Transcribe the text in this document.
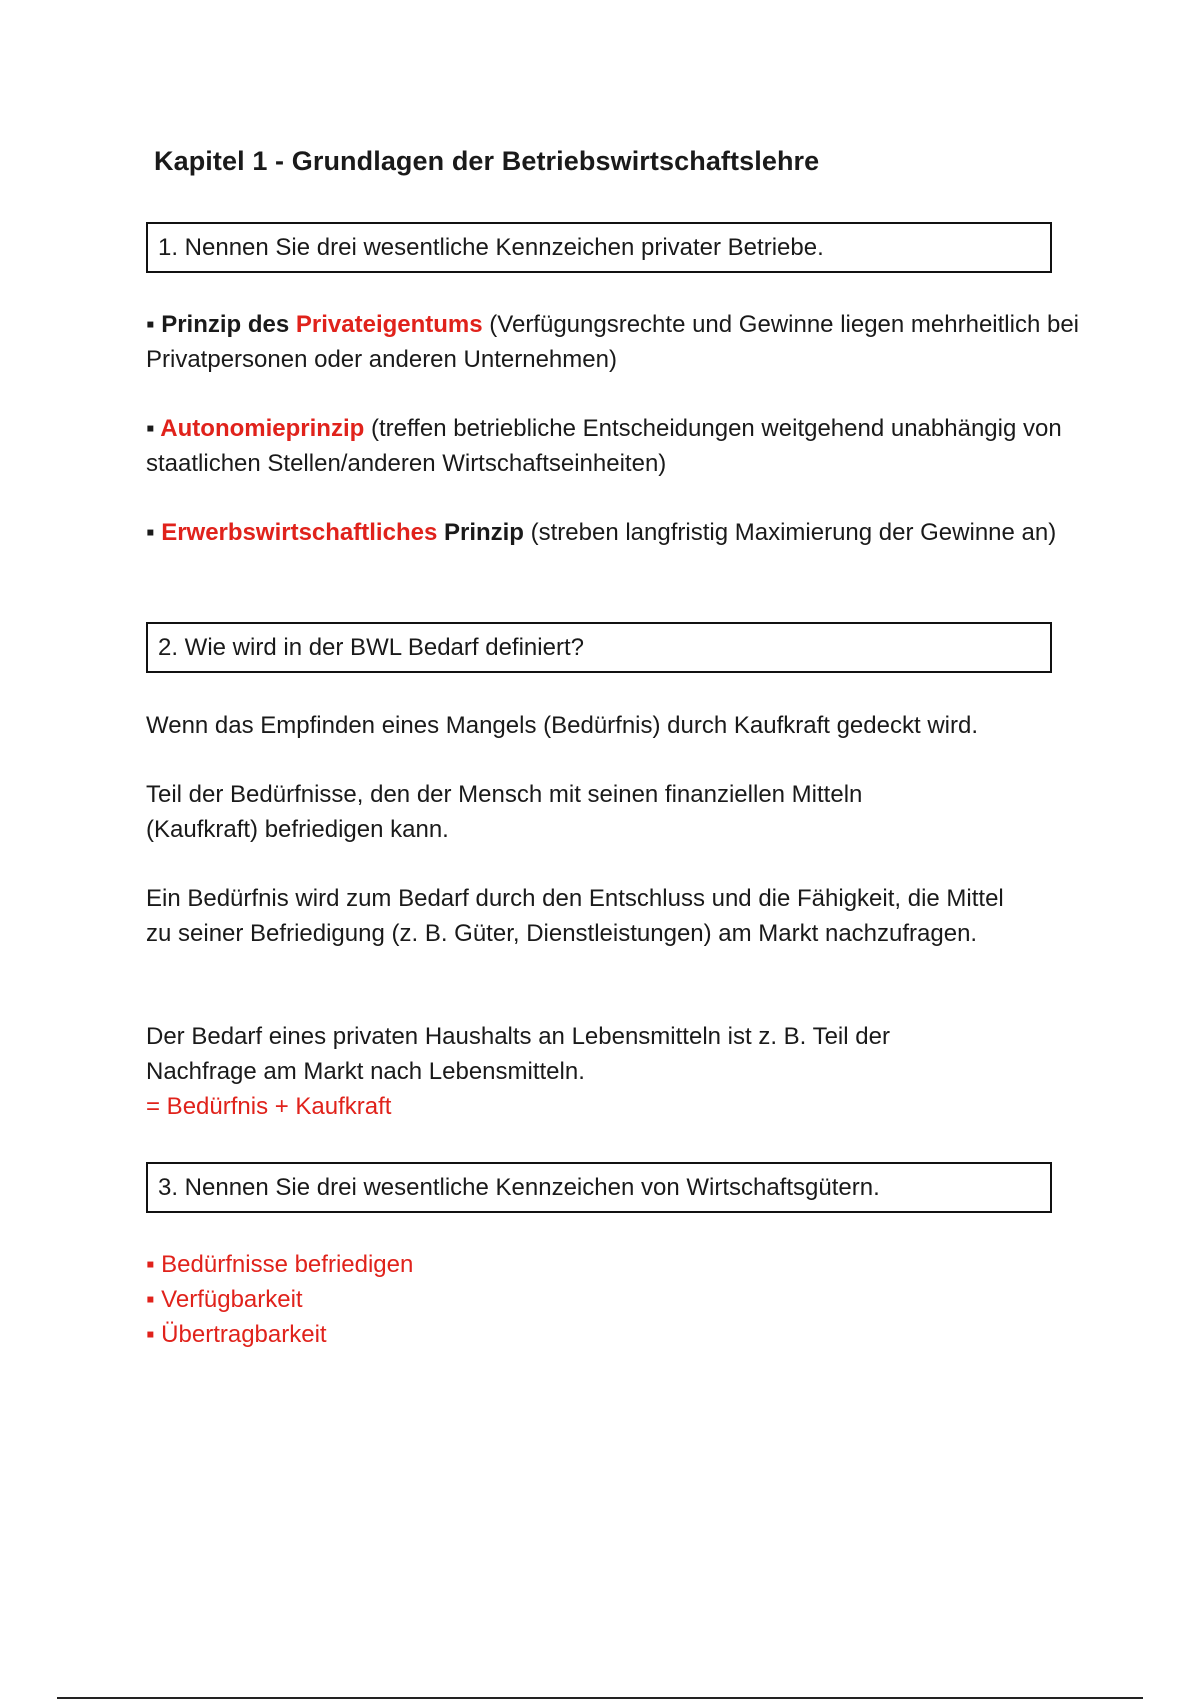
Kapitel 1 - Grundlagen der Betriebswirtschaftslehre
1. Nennen Sie drei wesentliche Kennzeichen privater Betriebe.

▪ Prinzip des Privateigentums (Verfügungsrechte und Gewinne liegen mehrheitlich bei Privatpersonen oder anderen Unternehmen)

▪ Autonomieprinzip (treffen betriebliche Entscheidungen weitgehend unabhängig von staatlichen Stellen/anderen Wirtschaftseinheiten)

▪ Erwerbswirtschaftliches Prinzip (streben langfristig Maximierung der Gewinne an)

2. Wie wird in der BWL Bedarf definiert?

Wenn das Empfinden eines Mangels (Bedürfnis) durch Kaufkraft gedeckt wird.

Teil der Bedürfnisse, den der Mensch mit seinen finanziellen Mitteln (Kaufkraft) befriedigen kann.

Ein Bedürfnis wird zum Bedarf durch den Entschluss und die Fähigkeit, die Mittel zu seiner Befriedigung (z. B. Güter, Dienstleistungen) am Markt nachzufragen.

Der Bedarf eines privaten Haushalts an Lebensmitteln ist z. B. Teil der Nachfrage am Markt nach Lebensmitteln.

= Bedürfnis + Kaufkraft

3. Nennen Sie drei wesentliche Kennzeichen von Wirtschaftsgütern.

▪ Bedürfnisse befriedigen

▪ Verfügbarkeit

▪ Übertragbarkeit
